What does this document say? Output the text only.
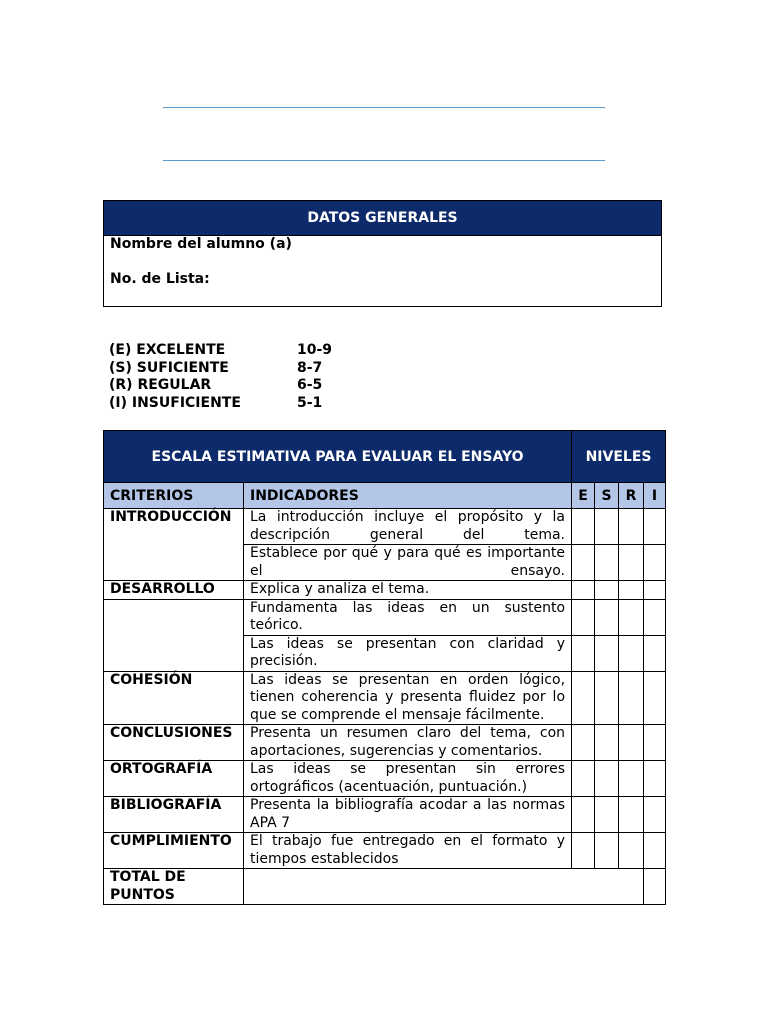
DATOS GENERALES
Nombre del alumno (a)
No. de Lista:
(E) EXCELENTE	10-9
(S) SUFICIENTE	8-7
(R) REGULAR	6-5
(I) INSUFICIENTE	5-1
ESCALA ESTIMATIVA PARA EVALUAR EL ENSAYO		NIVELES			
CRITERIOS	INDICADORES	E	S	R	I
INTRODUCCIÓN	La introducción incluye el propósito y la descripción general del tema.				
	Establece por qué y para qué es importante el ensayo.				
DESARROLLO	Explica y analiza el tema.				
	Fundamenta las ideas en un sustento teórico.				
	Las ideas se presentan con claridad y precisión.				
COHESIÓN	Las ideas se presentan en orden lógico, tienen coherencia y presenta fluidez por lo que se comprende el mensaje fácilmente.				
CONCLUSIONES	Presenta un resumen claro del tema, con aportaciones, sugerencias y comentarios.				
ORTOGRAFÍA	Las ideas se presentan sin errores ortográficos (acentuación, puntuación.)				
BIBLIOGRAFÍA	Presenta la bibliografía acodar a las normas APA 7				
CUMPLIMIENTO	El trabajo fue entregado en el formato y tiempos establecidos				
TOTAL DE PUNTOS					
